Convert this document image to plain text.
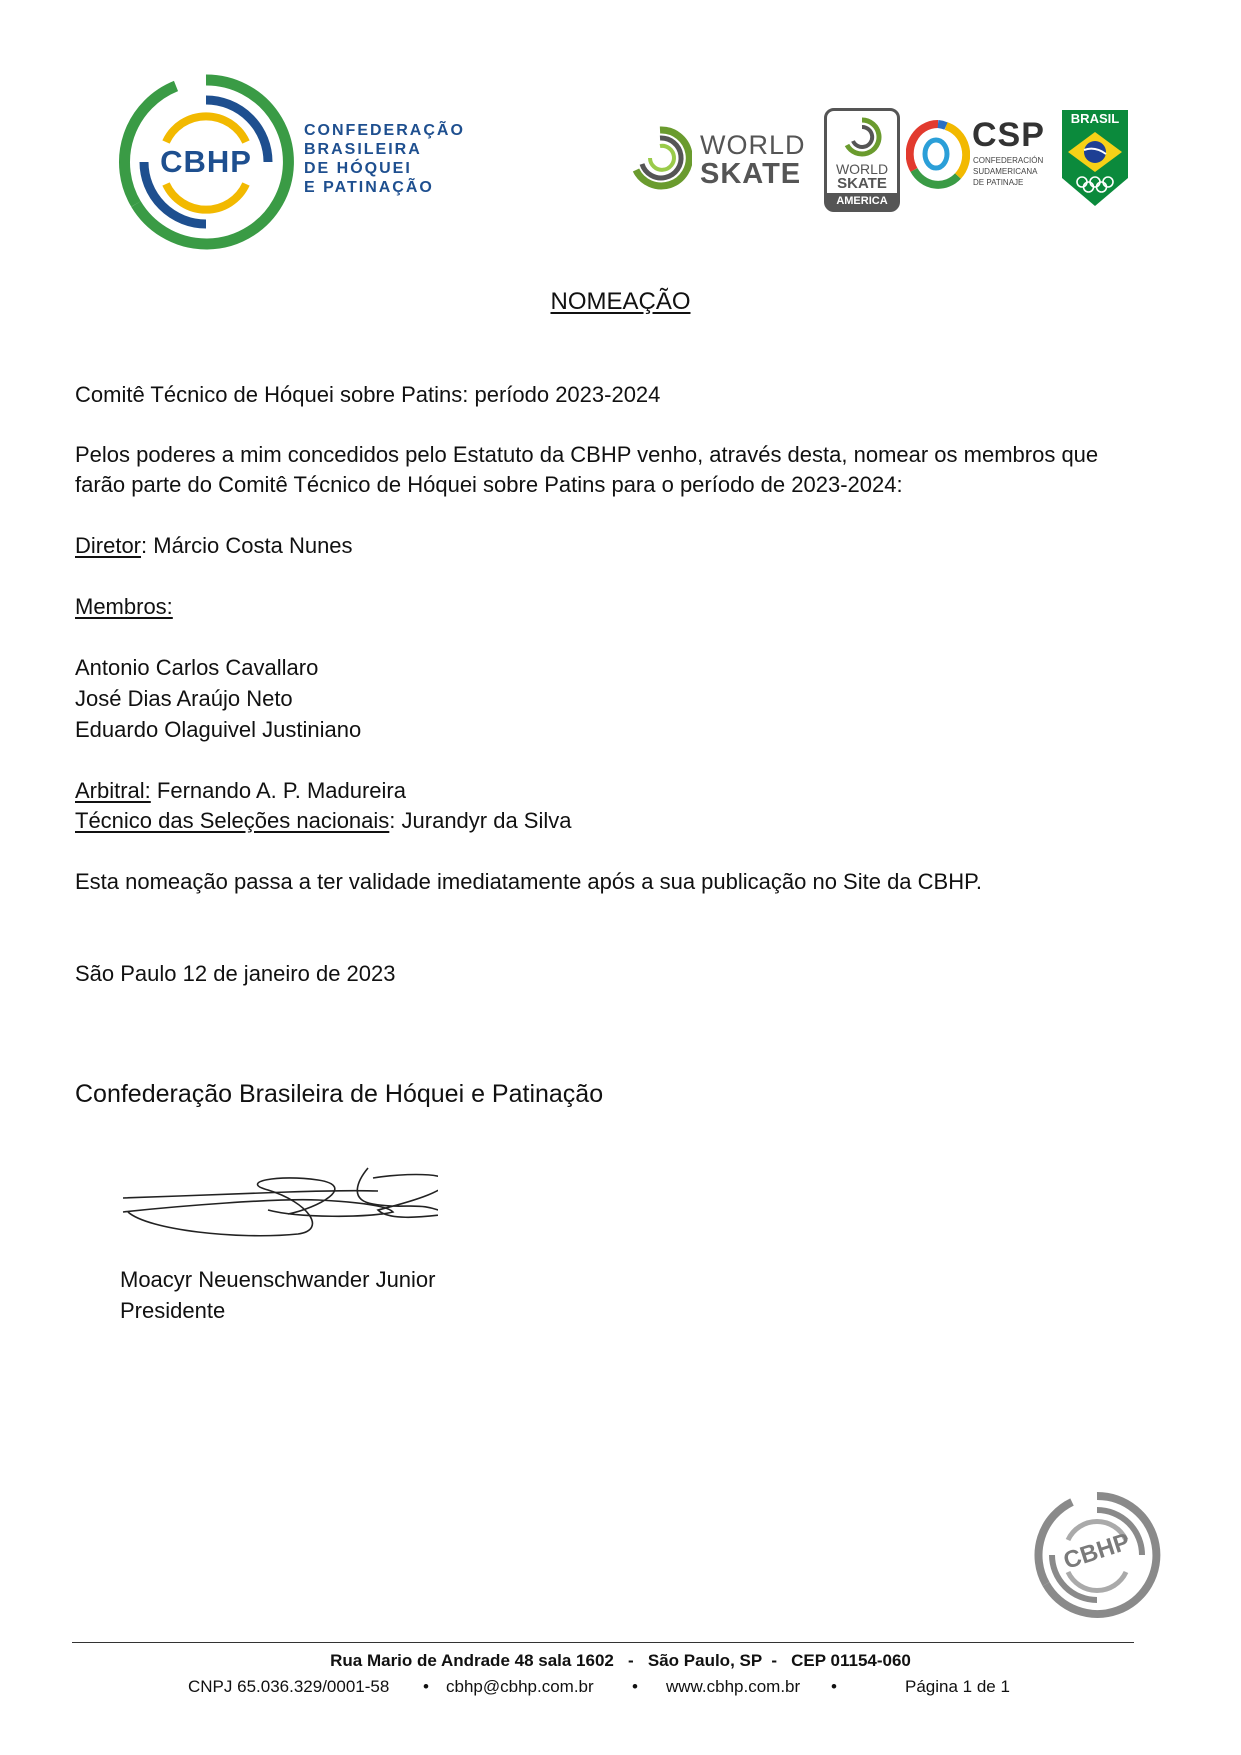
CBHP
CONFEDERAÇÃO
BRASILEIRA
DE HÓQUEI
E PATINAÇÃO
WORLD
SKATE	WORLD
SKATE
AMERICA
CSP
CONFEDERACIÓN
SUDAMERICANA
DE PATINAJE
BRASIL
NOMEAÇÃO
Comitê Técnico de Hóquei sobre Patins: período 2023-2024
Pelos poderes a mim concedidos pelo Estatuto da CBHP venho, através desta, nomear os membros que
farão parte do Comitê Técnico de Hóquei sobre Patins para o período de 2023-2024:
Diretor: Márcio Costa Nunes
Membros:
Antonio Carlos Cavallaro
José Dias Araújo Neto
Eduardo Olaguivel Justiniano
Arbitral: Fernando A. P. Madureira
Técnico das Seleções nacionais: Jurandyr da Silva
Esta nomeação passa a ter validade imediatamente após a sua publicação no Site da CBHP.
São Paulo 12 de janeiro de 2023
Confederação Brasileira de Hóquei e Patinação
Moacyr Neuenschwander Junior
Presidente
CBHP
Rua Mario de Andrade 48 sala 1602   -   São Paulo, SP  -   CEP 01154-060
CNPJ 65.036.329/0001-58 • cbhp@cbhp.com.br • www.cbhp.com.br •	Página 1 de 1
